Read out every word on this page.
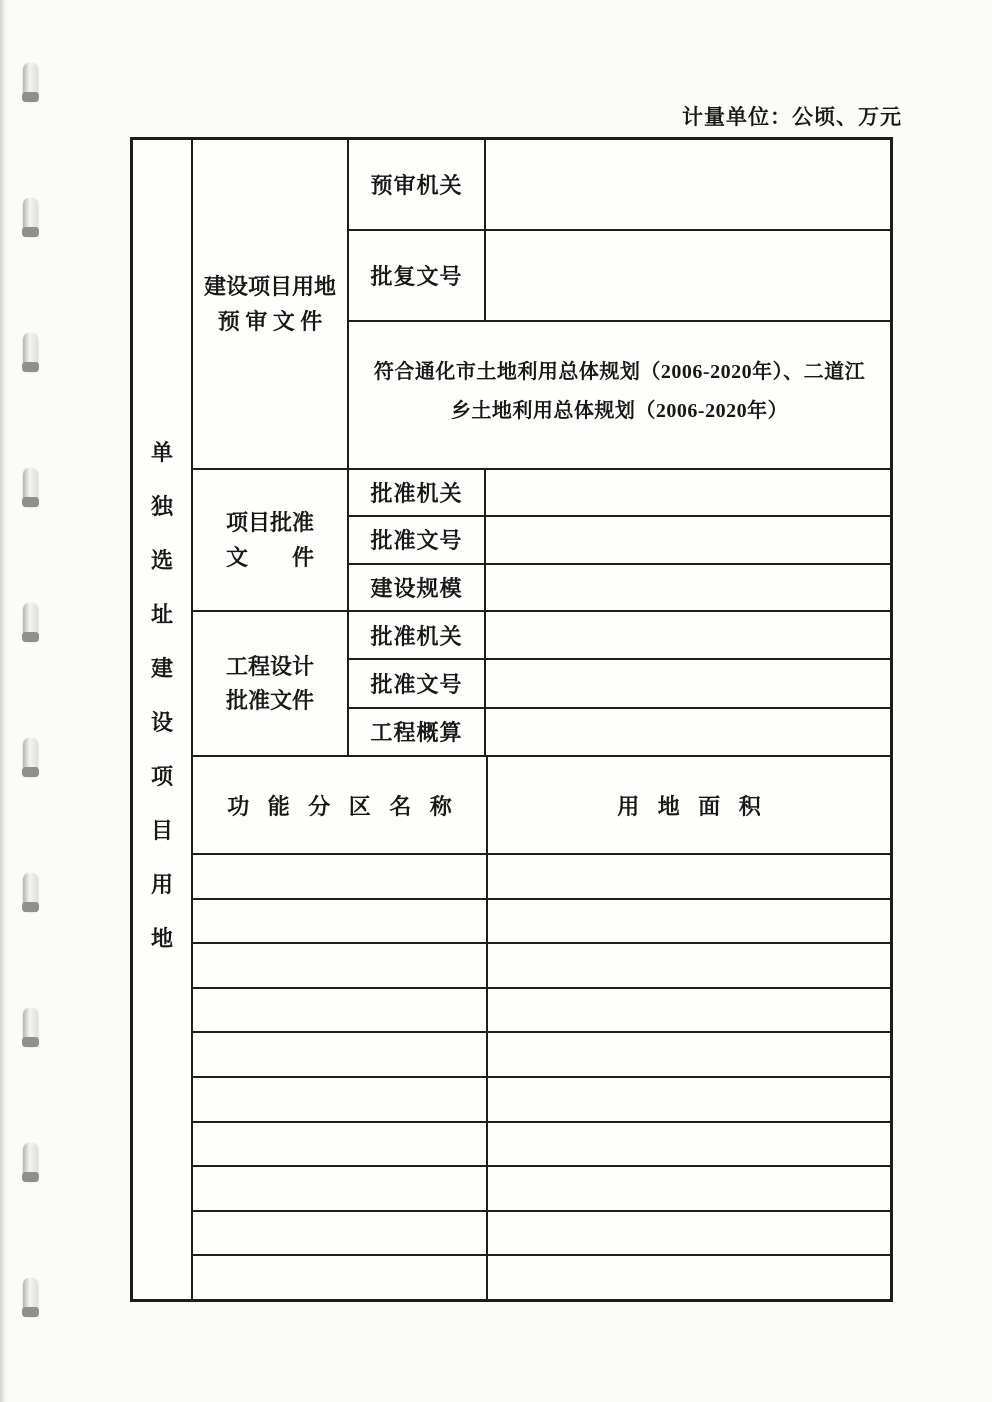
计量单位：公顷、万元
单
独
选
址
建
设
项
目
用
地
建设项目用地
预 审 文 件
预审机关
批复文号
符合通化市土地利用总体规划（2006-2020年）、二道江乡土地利用总体规划（2006-2020年）
项目批准
文　　件
批准机关
批准文号
建设规模
工程设计
批准文件
批准机关
批准文号
工程概算
功 能 分 区 名 称	用 地 面 积
